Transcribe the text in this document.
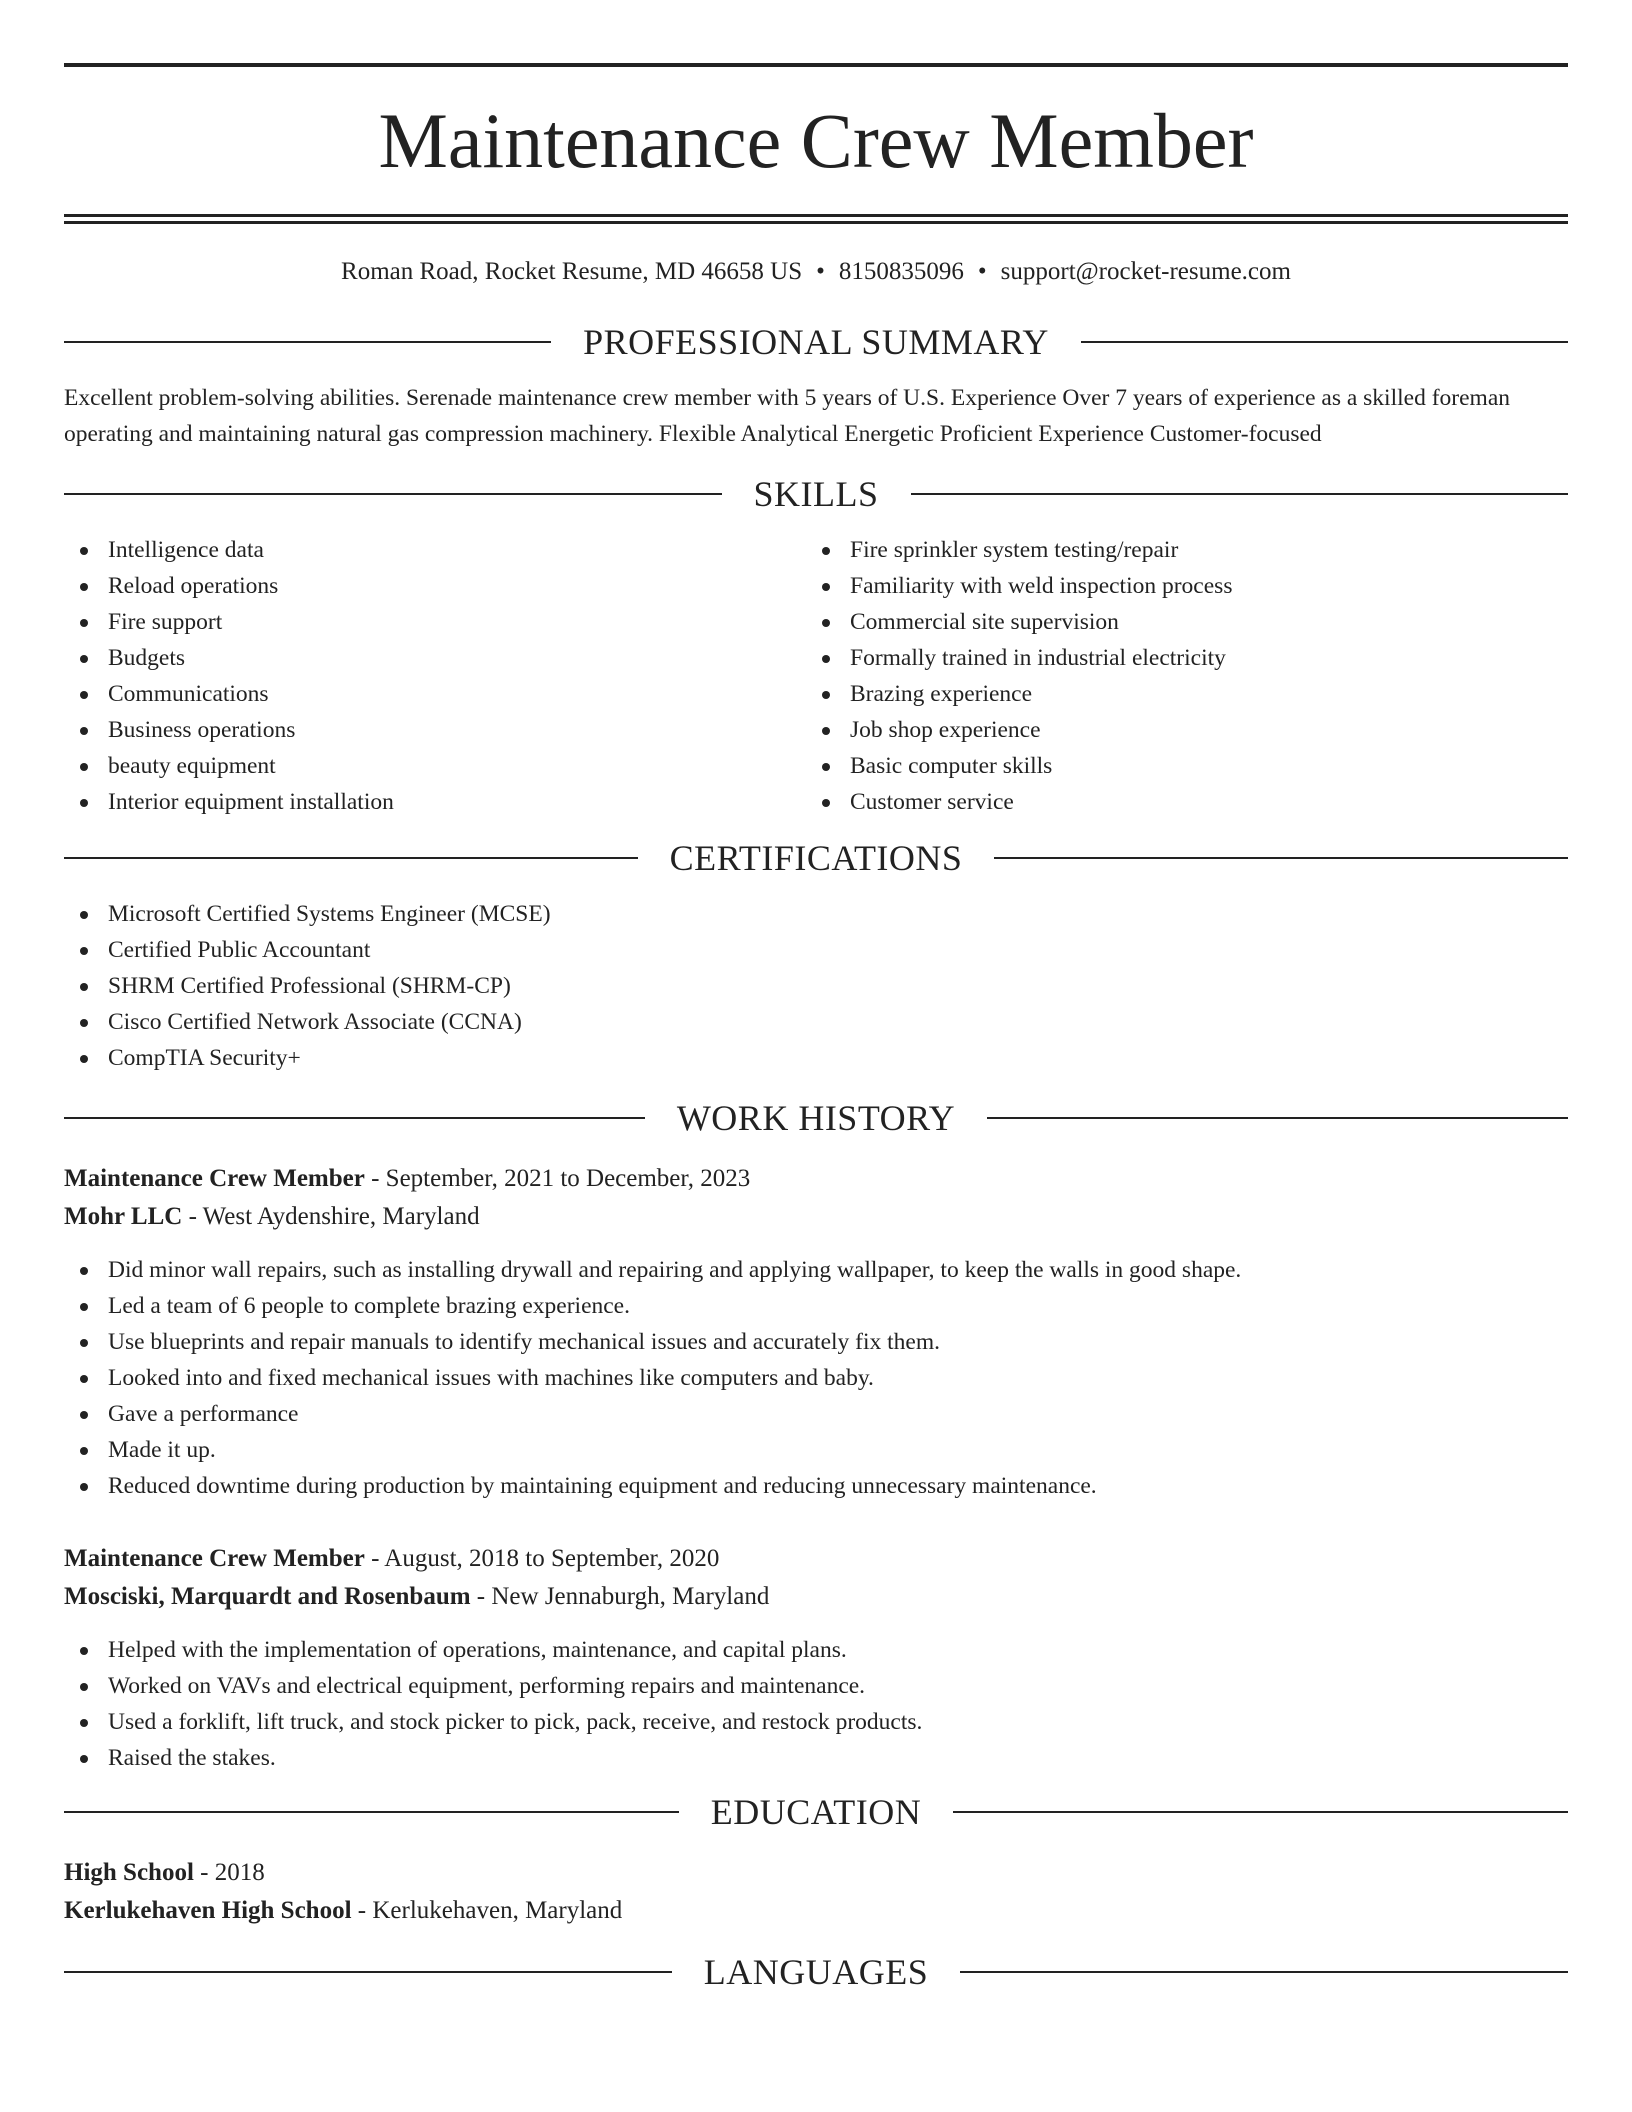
Maintenance Crew Member
Roman Road, Rocket Resume, MD 46658 US • 8150835096 • support@rocket-resume.com
PROFESSIONAL SUMMARY

Excellent problem-solving abilities. Serenade maintenance crew member with 5 years of U.S. Experience Over 7 years of experience as a skilled foreman operating and maintaining natural gas compression machinery. Flexible Analytical Energetic Proficient Experience Customer-focused

SKILLS
Intelligence data
Reload operations
Fire support
Budgets
Communications
Business operations
beauty equipment
Interior equipment installation
Fire sprinkler system testing/repair
Familiarity with weld inspection process
Commercial site supervision
Formally trained in industrial electricity
Brazing experience
Job shop experience
Basic computer skills
Customer service
CERTIFICATIONS
Microsoft Certified Systems Engineer (MCSE)
Certified Public Accountant
SHRM Certified Professional (SHRM-CP)
Cisco Certified Network Associate (CCNA)
CompTIA Security+
WORK HISTORY
Maintenance Crew Member - September, 2021 to December, 2023
Mohr LLC - West Aydenshire, Maryland
Did minor wall repairs, such as installing drywall and repairing and applying wallpaper, to keep the walls in good shape.
Led a team of 6 people to complete brazing experience.
Use blueprints and repair manuals to identify mechanical issues and accurately fix them.
Looked into and fixed mechanical issues with machines like computers and baby.
Gave a performance
Made it up.
Reduced downtime during production by maintaining equipment and reducing unnecessary maintenance.
Maintenance Crew Member - August, 2018 to September, 2020
Mosciski, Marquardt and Rosenbaum - New Jennaburgh, Maryland
Helped with the implementation of operations, maintenance, and capital plans.
Worked on VAVs and electrical equipment, performing repairs and maintenance.
Used a forklift, lift truck, and stock picker to pick, pack, receive, and restock products.
Raised the stakes.
EDUCATION
High School - 2018
Kerlukehaven High School - Kerlukehaven, Maryland
LANGUAGES
